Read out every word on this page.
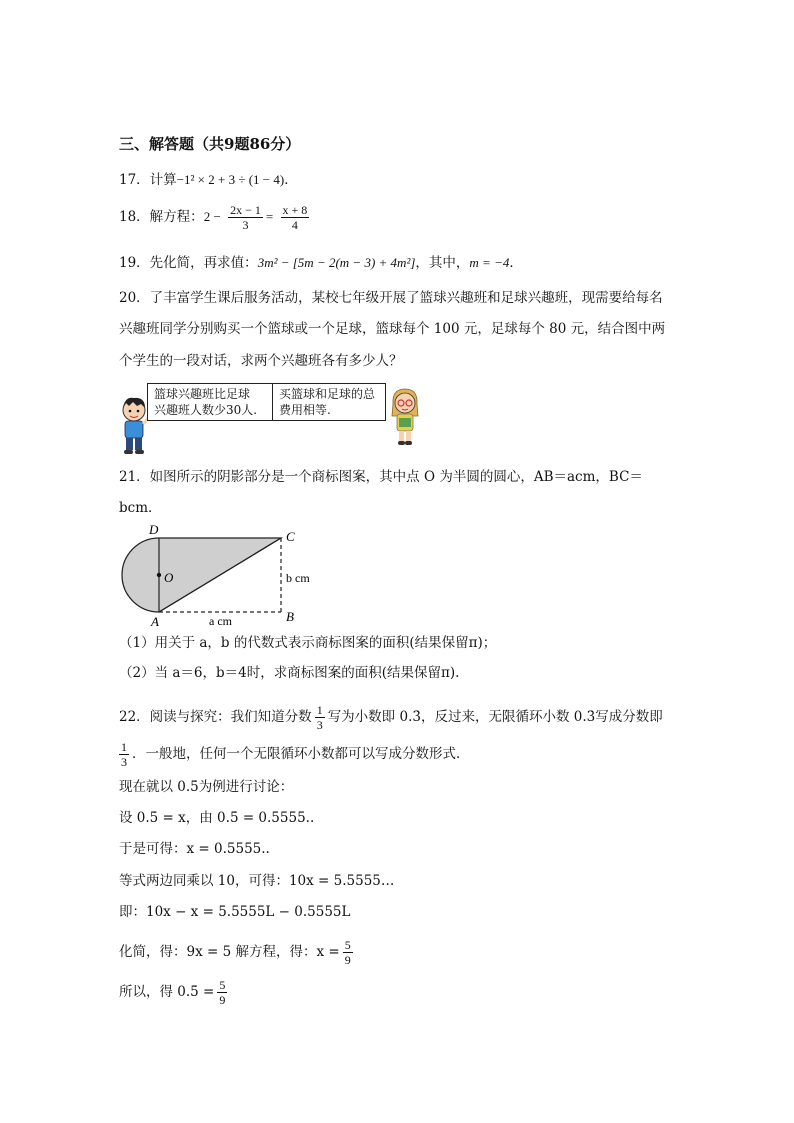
三、解答题（共9题86分）
17．计算−1² × 2 + 3 ÷ (1 − 4)．
18．解方程：$2 - \frac{2x - 1}{3} = \frac{x + 8}{4}$
19．先化简，再求值：3m² − [5m − 2(m − 3) + 4m²]，其中，m = −4．
20．了丰富学生课后服务活动，某校七年级开展了篮球兴趣班和足球兴趣班，现需要给每名
兴趣班同学分别购买一个篮球或一个足球，篮球每个 100 元，足球每个 80 元，结合图中两
个学生的一段对话，求两个兴趣班各有多少人？
篮球兴趣班比足球
兴趣班人数少30人.
买篮球和足球的总
费用相等.
21．如图所示的阴影部分是一个商标图案，其中点 O 为半圆的圆心，AB＝acm，BC＝
bcm．
D	C
O
A	B
b cm
a cm
（1）用关于 a，b 的代数式表示商标图案的面积(结果保留π)；
（2）当 a＝6，b＝4时，求商标图案的面积(结果保留π).
22．阅读与探究：我们知道分数 $\frac{1}{3}$ 写为小数即 0.3̇，反过来，无限循环小数 0.3̇写成分数即
$\frac{1}{3}$ ．一般地，任何一个无限循环小数都可以写成分数形式．
现在就以 0.5̇为例进行讨论：
设 0.5̇ = x，由 0.5̇ = 0.5555..
于是可得：x = 0.5555..
等式两边同乘以 10，可得：10x = 5.5555…
即：10x − x = 5.5555L − 0.5555L
化简，得：9x = 5 解方程，得：$x = \frac{5}{9}$
所以，得 0.5̇ = $\frac{5}{9}$
